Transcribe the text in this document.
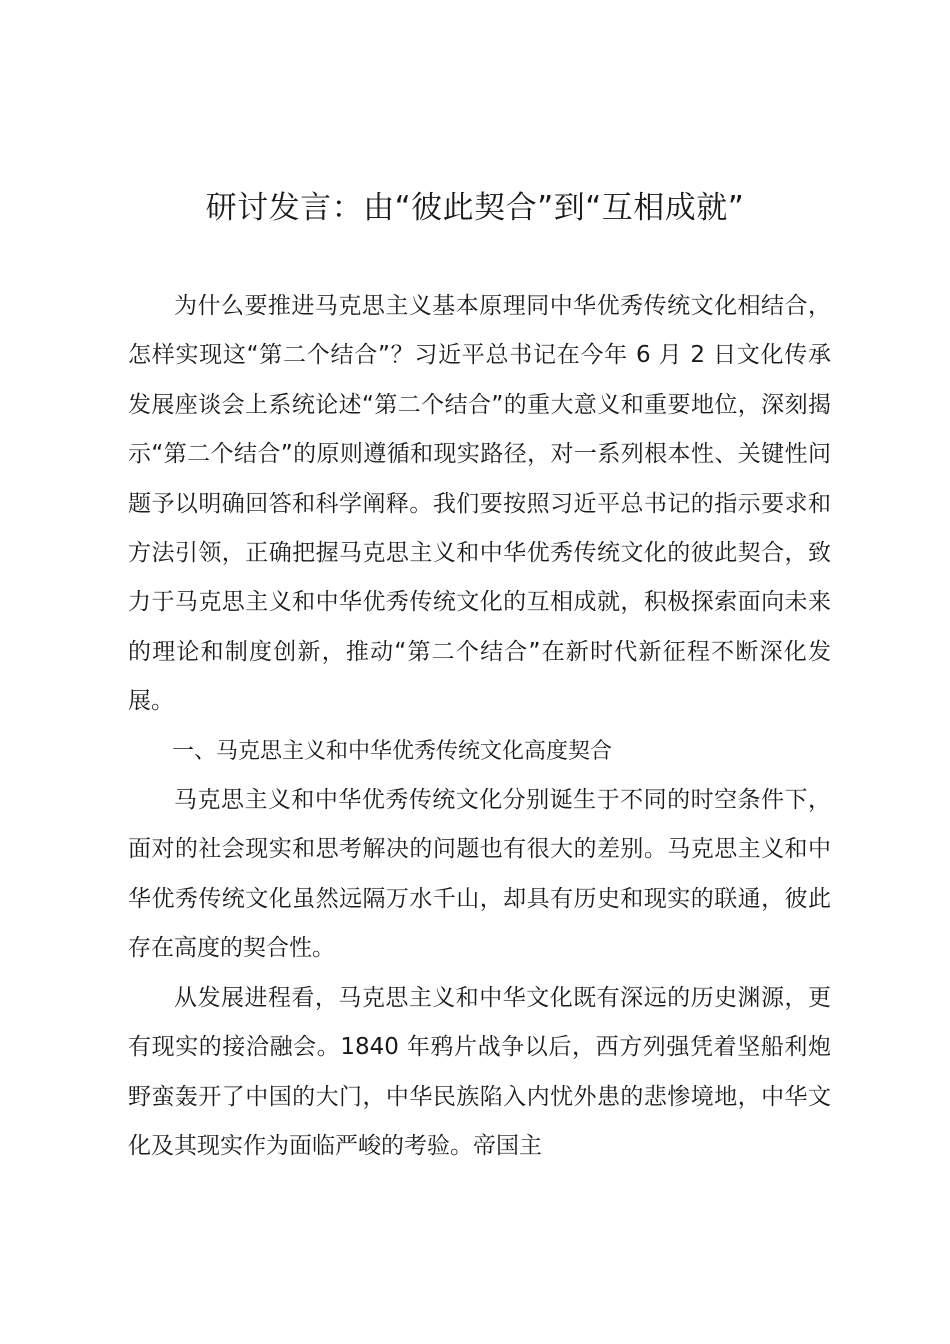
研讨发言：由“彼此契合”到“互相成就”

为什么要推进马克思主义基本原理同中华优秀传统文化相结合，怎样实现这“第二个结合”？习近平总书记在今年 6 月 2 日文化传承发展座谈会上系统论述“第二个结合”的重大意义和重要地位，深刻揭示“第二个结合”的原则遵循和现实路径，对一系列根本性、关键性问题予以明确回答和科学阐释。我们要按照习近平总书记的指示要求和方法引领，正确把握马克思主义和中华优秀传统文化的彼此契合，致力于马克思主义和中华优秀传统文化的互相成就，积极探索面向未来的理论和制度创新，推动“第二个结合”在新时代新征程不断深化发展。

一、马克思主义和中华优秀传统文化高度契合

马克思主义和中华优秀传统文化分别诞生于不同的时空条件下，面对的社会现实和思考解决的问题也有很大的差别。马克思主义和中华优秀传统文化虽然远隔万水千山，却具有历史和现实的联通，彼此存在高度的契合性。

从发展进程看，马克思主义和中华文化既有深远的历史渊源，更有现实的接洽融会。1840 年鸦片战争以后，西方列强凭着坚船利炮野蛮轰开了中国的大门，中华民族陷入内忧外患的悲惨境地，中华文化及其现实作为面临严峻的考验。帝国主
